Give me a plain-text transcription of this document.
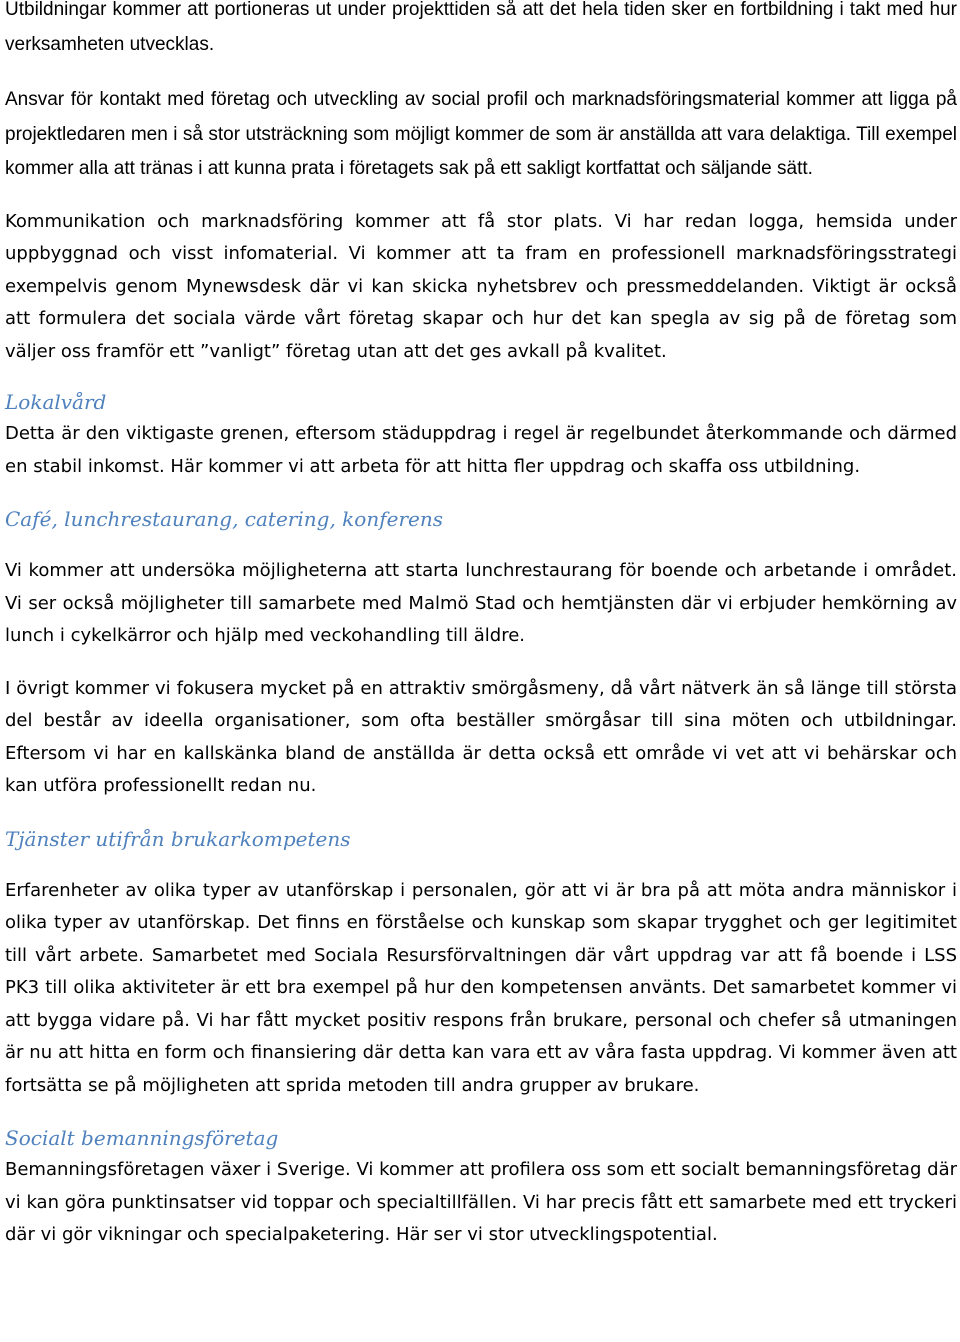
Utbildningar kommer att portioneras ut under projekttiden så att det hela tiden sker en fortbildning i takt med hur verksamheten utvecklas.

Ansvar för kontakt med företag och utveckling av social profil och marknadsföringsmaterial kommer att ligga på projektledaren men i så stor utsträckning som möjligt kommer de som är anställda att vara delaktiga. Till exempel kommer alla att tränas i att kunna prata i företagets sak på ett sakligt kortfattat och säljande sätt.

Kommunikation och marknadsföring kommer att få stor plats. Vi har redan logga, hemsida under uppbyggnad och visst infomaterial. Vi kommer att ta fram en professionell marknadsföringsstrategi exempelvis genom Mynewsdesk där vi kan skicka nyhetsbrev och pressmeddelanden. Viktigt är också att formulera det sociala värde vårt företag skapar och hur det kan spegla av sig på de företag som väljer oss framför ett ”vanligt” företag utan att det ges avkall på kvalitet.

Lokalvård

Detta är den viktigaste grenen, eftersom städuppdrag i regel är regelbundet återkommande och därmed en stabil inkomst. Här kommer vi att arbeta för att hitta fler uppdrag och skaffa oss utbildning.

Café, lunchrestaurang, catering, konferens

Vi kommer att undersöka möjligheterna att starta lunchrestaurang för boende och arbetande i området. Vi ser också möjligheter till samarbete med Malmö Stad och hemtjänsten där vi erbjuder hemkörning av lunch i cykelkärror och hjälp med veckohandling till äldre.

I övrigt kommer vi fokusera mycket på en attraktiv smörgåsmeny, då vårt nätverk än så länge till största del består av ideella organisationer, som ofta beställer smörgåsar till sina möten och utbildningar. Eftersom vi har en kallskänka bland de anställda är detta också ett område vi vet att vi behärskar och kan utföra professionellt redan nu.

Tjänster utifrån brukarkompetens

Erfarenheter av olika typer av utanförskap i personalen, gör att vi är bra på att möta andra människor i olika typer av utanförskap. Det finns en förståelse och kunskap som skapar trygghet och ger legitimitet till vårt arbete. Samarbetet med Sociala Resursförvaltningen där vårt uppdrag var att få boende i LSS PK3 till olika aktiviteter är ett bra exempel på hur den kompetensen använts. Det samarbetet kommer vi att bygga vidare på. Vi har fått mycket positiv respons från brukare, personal och chefer så utmaningen är nu att hitta en form och finansiering där detta kan vara ett av våra fasta uppdrag. Vi kommer även att fortsätta se på möjligheten att sprida metoden till andra grupper av brukare.

Socialt bemanningsföretag

Bemanningsföretagen växer i Sverige. Vi kommer att profilera oss som ett socialt bemanningsföretag där vi kan göra punktinsatser vid toppar och specialtillfällen. Vi har precis fått ett samarbete med ett tryckeri där vi gör vikningar och specialpaketering. Här ser vi stor utvecklingspotential.
